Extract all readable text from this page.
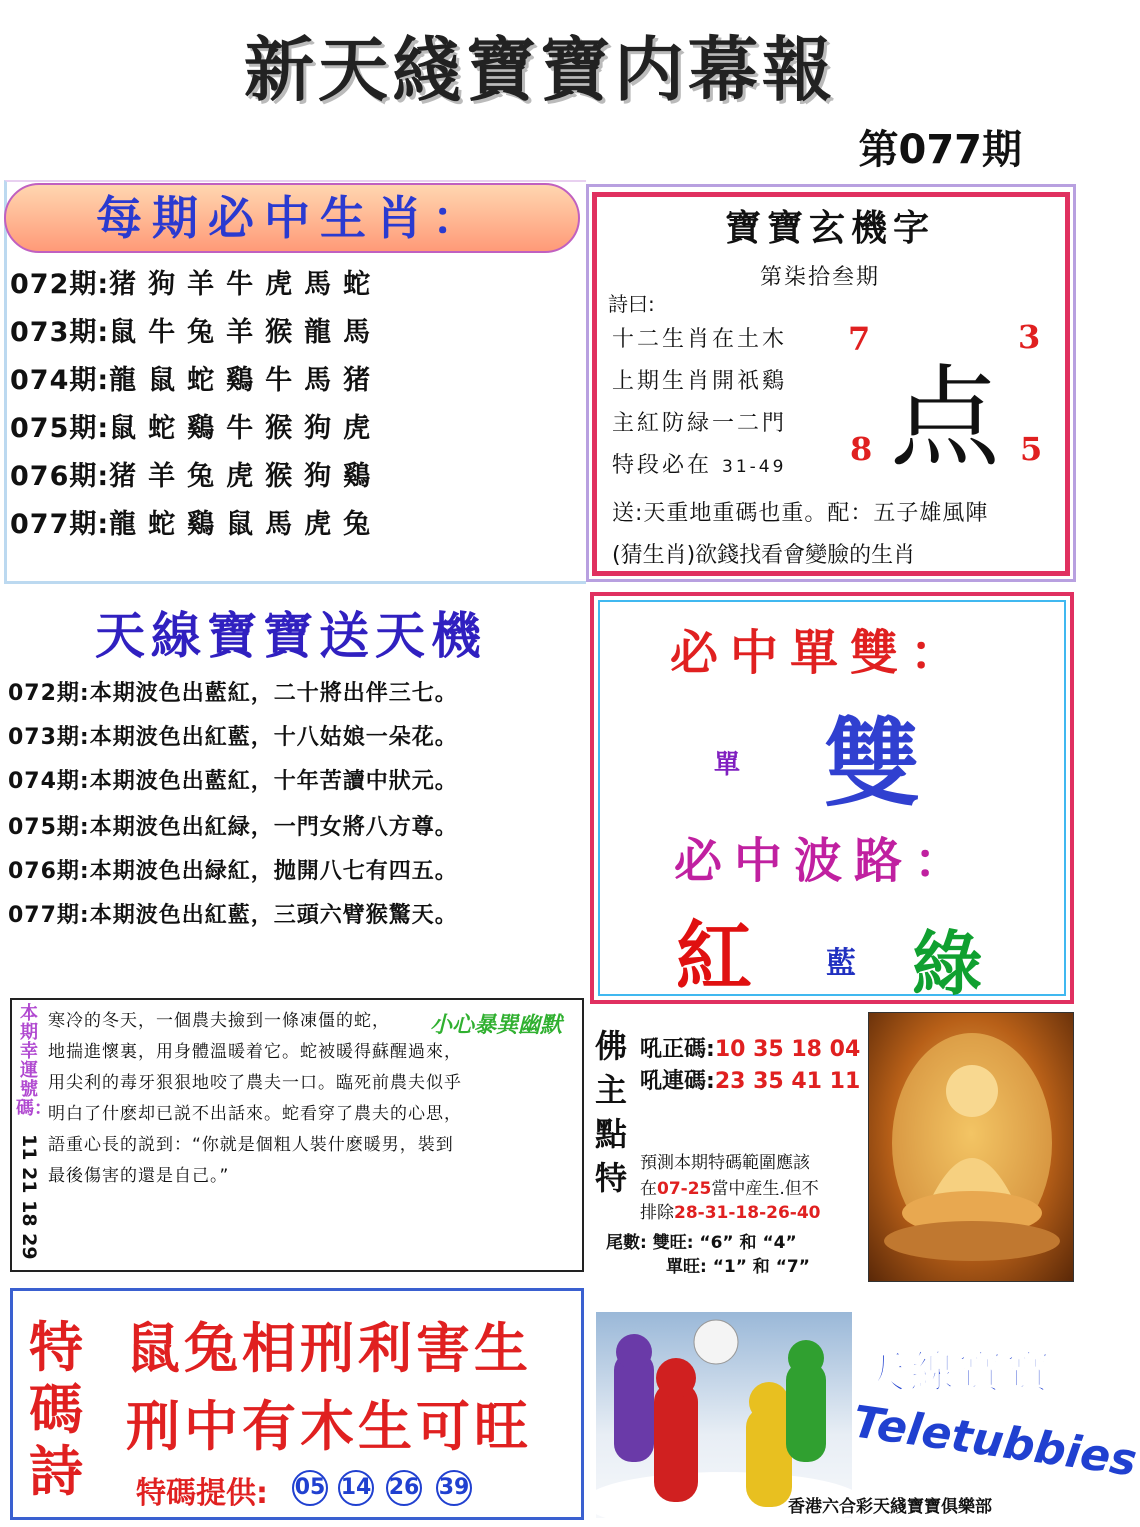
新天綫寶寶内幕報
第077期
每期必中生肖：
072期:猪狗羊牛虎馬蛇
073期:鼠牛兔羊猴龍馬
074期:龍鼠蛇鷄牛馬猪
075期:鼠蛇鷄牛猴狗虎
076期:猪羊兔虎猴狗鷄
077期:龍蛇鷄鼠馬虎兔
寶寶玄機字
第柒拾叁期
詩曰:
十二生肖在土木
上期生肖開祇鷄
主紅防緑一二門
特段必在 31-49 点
7	3
8	5
送:天重地重碼也重。配：五子雄風陣
(猜生肖)欲錢找看會變臉的生肖
天線寶寶送天機
072期:本期波色出藍紅，二十將出伴三七。
073期:本期波色出紅藍，十八姑娘一朵花。
074期:本期波色出藍紅，十年苦讀中狀元。
075期:本期波色出紅緑，一門女將八方尊。
076期:本期波色出緑紅，抛開八七有四五。
077期:本期波色出紅藍，三頭六臂猴驚天。
必中單雙：
單 雙
必中波路：
紅 藍 綠
本期幸運號碼：
11 21 18 29
小心暴巽幽默
寒冷的冬天，一個農夫撿到一條凍僵的蛇，
地揣進懷裏，用身體溫暖着它。蛇被暖得蘇醒過來，
用尖利的毒牙狠狠地咬了農夫一口。臨死前農夫似乎
明白了什麽却已説不出話來。蛇看穿了農夫的心思，
語重心長的説到：“你就是個粗人裝什麽暖男，裝到
最後傷害的還是自己。”
佛主點特
吼正碼:10 35 18 04
吼連碼:23 35 41 11
預測本期特碼範圍應該
在07-25當中産生.但不
排除28-31-18-26-40
尾數: 雙旺: “6” 和 “4”
單旺: “1” 和 “7”
特碼詩
鼠兔相刑利害生
刑中有木生可旺
特碼提供: 05 14 26 39
天線寶寶
Teletubbies
香港六合彩天綫寶寶俱樂部
